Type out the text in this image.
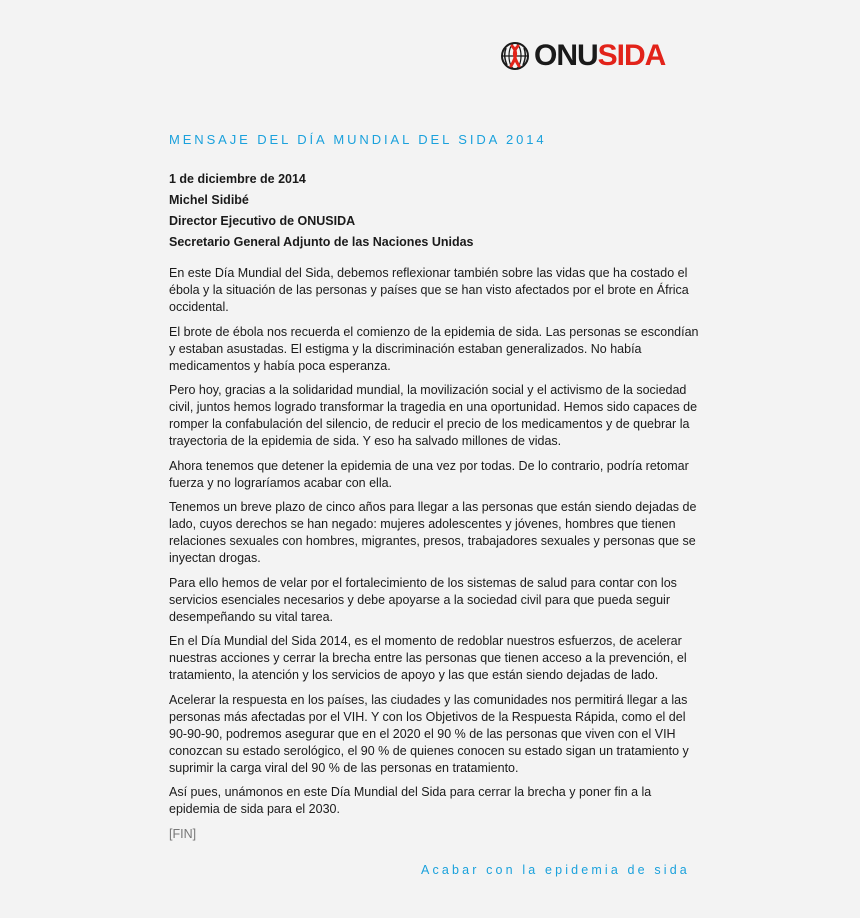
ONUSIDA
MENSAJE DEL DÍA MUNDIAL DEL SIDA 2014
1 de diciembre de 2014
Michel Sidibé
Director Ejecutivo de ONUSIDA
Secretario General Adjunto de las Naciones Unidas

En este Día Mundial del Sida, debemos reflexionar también sobre las vidas que ha costado el ébola y la situación de las personas y países que se han visto afectados por el brote en África occidental.

El brote de ébola nos recuerda el comienzo de la epidemia de sida. Las personas se escondían y estaban asustadas. El estigma y la discriminación estaban generalizados. No había medicamentos y había poca esperanza.

Pero hoy, gracias a la solidaridad mundial, la movilización social y el activismo de la sociedad civil, juntos hemos logrado transformar la tragedia en una oportunidad. Hemos sido capaces de romper la confabulación del silencio, de reducir el precio de los medicamentos y de quebrar la trayectoria de la epidemia de sida. Y eso ha salvado millones de vidas.

Ahora tenemos que detener la epidemia de una vez por todas. De lo contrario, podría retomar fuerza y no lograríamos acabar con ella.

Tenemos un breve plazo de cinco años para llegar a las personas que están siendo dejadas de lado, cuyos derechos se han negado: mujeres adolescentes y jóvenes, hombres que tienen relaciones sexuales con hombres, migrantes, presos, trabajadores sexuales y personas que se inyectan drogas.

Para ello hemos de velar por el fortalecimiento de los sistemas de salud para contar con los servicios esenciales necesarios y debe apoyarse a la sociedad civil para que pueda seguir desempeñando su vital tarea.

En el Día Mundial del Sida 2014, es el momento de redoblar nuestros esfuerzos, de acelerar nuestras acciones y cerrar la brecha entre las personas que tienen acceso a la prevención, el tratamiento, la atención y los servicios de apoyo y las que están siendo dejadas de lado.

Acelerar la respuesta en los países, las ciudades y las comunidades nos permitirá llegar a las personas más afectadas por el VIH. Y con los Objetivos de la Respuesta Rápida, como el del 90-90-90, podremos asegurar que en el 2020 el 90 % de las personas que viven con el VIH conozcan su estado serológico, el 90 % de quienes conocen su estado sigan un tratamiento y suprimir la carga viral del 90 % de las personas en tratamiento.

Así pues, unámonos en este Día Mundial del Sida para cerrar la brecha y poner fin a la epidemia de sida para el 2030.

[FIN]
Acabar con la epidemia de sida
